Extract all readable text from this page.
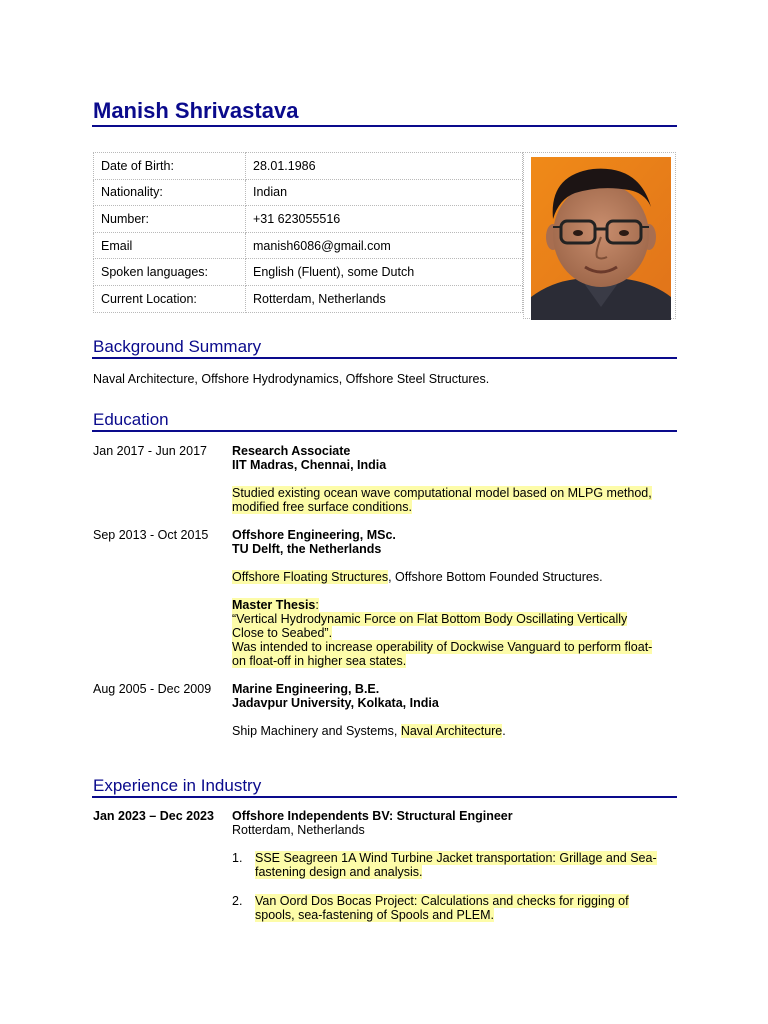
Manish Shrivastava
Date of Birth:	28.01.1986
Nationality:	Indian
Number:	+31 623055516
Email	manish6086@gmail.com
Spoken languages:	English (Fluent), some Dutch
Current Location:	Rotterdam, Netherlands
Background Summary
Naval Architecture, Offshore Hydrodynamics, Offshore Steel Structures.
Education
Jan 2017 - Jun 2017 Research Associate
IIT Madras, Chennai, India
Studied existing ocean wave computational model based on MLPG method,
modified free surface conditions.
Sep 2013 - Oct 2015 Offshore Engineering, MSc.
TU Delft, the Netherlands
Offshore Floating Structures, Offshore Bottom Founded Structures.
Master Thesis:
“Vertical Hydrodynamic Force on Flat Bottom Body Oscillating Vertically
Close to Seabed”.
Was intended to increase operability of Dockwise Vanguard to perform float-
on float-off in higher sea states.
Aug 2005 - Dec 2009 Marine Engineering, B.E.
Jadavpur University, Kolkata, India
Ship Machinery and Systems, Naval Architecture.
Experience in Industry
Jan 2023 – Dec 2023 Offshore Independents BV: Structural Engineer
Rotterdam, Netherlands
1. SSE Seagreen 1A Wind Turbine Jacket transportation: Grillage and Sea-
fastening design and analysis.
2. Van Oord Dos Bocas Project: Calculations and checks for rigging of
spools, sea-fastening of Spools and PLEM.
